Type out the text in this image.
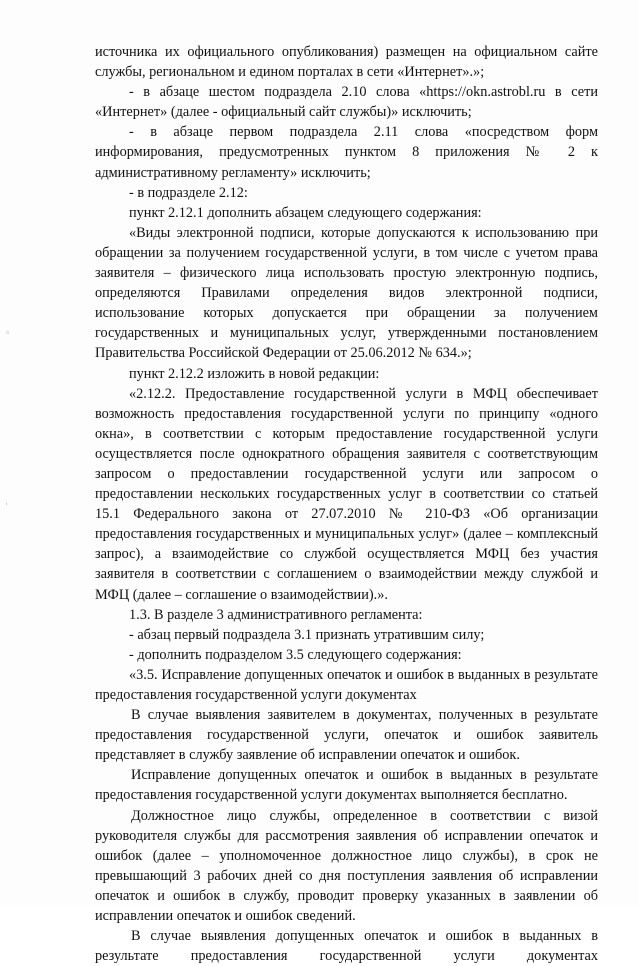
◦
·

источника их официального опубликования) размещен на официальном сайте службы, региональном и едином порталах в сети «Интернет».»;

- в абзаце шестом подраздела 2.10 слова «https://okn.astrobl.ru в сети «Интернет» (далее - официальный сайт службы)» исключить;

- в абзаце первом подраздела 2.11 слова «посредством форм информирования, предусмотренных пунктом 8 приложения № 2 к административному регламенту» исключить;

- в подразделе 2.12:

пункт 2.12.1 дополнить абзацем следующего содержания:

«Виды электронной подписи, которые допускаются к использованию при обращении за получением государственной услуги, в том числе с учетом права заявителя – физического лица использовать простую электронную подпись, определяются Правилами определения видов электронной подписи, использование которых допускается при обращении за получением государственных и муниципальных услуг, утвержденными постановлением Правительства Российской Федерации от 25.06.2012 № 634.»;

пункт 2.12.2 изложить в новой редакции:

«2.12.2. Предоставление государственной услуги в МФЦ обеспечивает возможность предоставления государственной услуги по принципу «одного окна», в соответствии с которым предоставление государственной услуги осуществляется после однократного обращения заявителя с соответствующим запросом о предоставлении государственной услуги или запросом о предоставлении нескольких государственных услуг в соответствии со статьей 15.1 Федерального закона от 27.07.2010 № 210-ФЗ «Об организации предоставления государственных и муниципальных услуг» (далее – комплексный запрос), а взаимодействие со службой осуществляется МФЦ без участия заявителя в соответствии с соглашением о взаимодействии между службой и МФЦ (далее – соглашение о взаимодействии).».

1.3. В разделе 3 административного регламента:

- абзац первый подраздела 3.1 признать утратившим силу;

- дополнить подразделом 3.5 следующего содержания:

«3.5. Исправление допущенных опечаток и ошибок в выданных в результате предоставления государственной услуги документах

В случае выявления заявителем в документах, полученных в результате предоставления государственной услуги, опечаток и ошибок заявитель представляет в службу заявление об исправлении опечаток и ошибок.

Исправление допущенных опечаток и ошибок в выданных в результате предоставления государственной услуги документах выполняется бесплатно.

Должностное лицо службы, определенное в соответствии с визой руководителя службы для рассмотрения заявления об исправлении опечаток и ошибок (далее – уполномоченное должностное лицо службы), в срок не превышающий 3 рабочих дней со дня поступления заявления об исправлении опечаток и ошибок в службу, проводит проверку указанных в заявлении об исправлении опечаток и ошибок сведений.

В случае выявления допущенных опечаток и ошибок в выданных в результате предоставления государственной услуги документах
